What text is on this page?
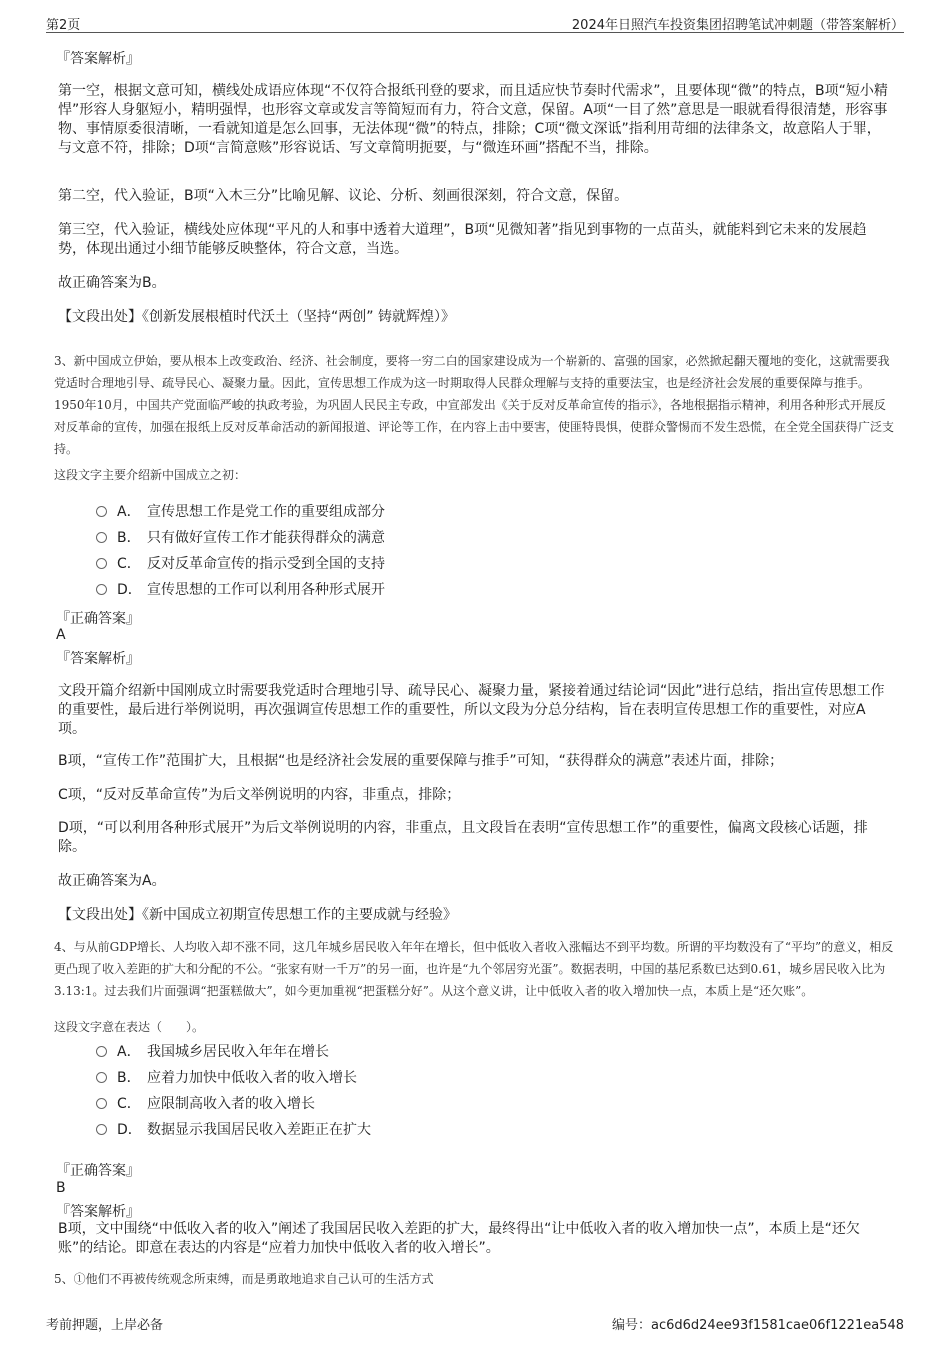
第2页	2024年日照汽车投资集团招聘笔试冲刺题（带答案解析）
『答案解析』
第一空，根据文意可知，横线处成语应体现“不仅符合报纸刊登的要求，而且适应快节奏时代需求”，且要体现“微”的特点，B项“短小精悍”形容人身躯短小，精明强悍，也形容文章或发言等简短而有力，符合文意，保留。A项“一目了然”意思是一眼就看得很清楚，形容事物、事情原委很清晰，一看就知道是怎么回事，无法体现“微”的特点，排除；C项“微文深诋”指利用苛细的法律条文，故意陷人于罪，与文意不符，排除；D项“言简意赅”形容说话、写文章简明扼要，与“微连环画”搭配不当，排除。
第二空，代入验证，B项“入木三分”比喻见解、议论、分析、刻画很深刻，符合文意，保留。
第三空，代入验证，横线处应体现“平凡的人和事中透着大道理”，B项“见微知著”指见到事物的一点苗头，就能料到它未来的发展趋势，体现出通过小细节能够反映整体，符合文意，当选。
故正确答案为B。
【文段出处】《创新发展根植时代沃土（坚持“两创” 铸就辉煌）》
3、新中国成立伊始，要从根本上改变政治、经济、社会制度，要将一穷二白的国家建设成为一个崭新的、富强的国家，必然掀起翻天覆地的变化，这就需要我党适时合理地引导、疏导民心、凝聚力量。因此，宣传思想工作成为这一时期取得人民群众理解与支持的重要法宝，也是经济社会发展的重要保障与推手。1950年10月，中国共产党面临严峻的执政考验，为巩固人民民主专政，中宣部发出《关于反对反革命宣传的指示》，各地根据指示精神，利用各种形式开展反对反革命的宣传，加强在报纸上反对反革命活动的新闻报道、评论等工作，在内容上击中要害，使匪特畏惧，使群众警惕而不发生恐慌，在全党全国获得广泛支持。
这段文字主要介绍新中国成立之初：
A． 宣传思想工作是党工作的重要组成部分
B． 只有做好宣传工作才能获得群众的满意
C． 反对反革命宣传的指示受到全国的支持
D． 宣传思想的工作可以利用各种形式展开
『正确答案』
A
『答案解析』
文段开篇介绍新中国刚成立时需要我党适时合理地引导、疏导民心、凝聚力量，紧接着通过结论词“因此”进行总结，指出宣传思想工作的重要性，最后进行举例说明，再次强调宣传思想工作的重要性，所以文段为分总分结构，旨在表明宣传思想工作的重要性，对应A项。
B项，“宣传工作”范围扩大，且根据“也是经济社会发展的重要保障与推手”可知，“获得群众的满意”表述片面，排除；
C项，“反对反革命宣传”为后文举例说明的内容，非重点，排除；
D项，“可以利用各种形式展开”为后文举例说明的内容，非重点，且文段旨在表明“宣传思想工作”的重要性，偏离文段核心话题，排除。
故正确答案为A。
【文段出处】《新中国成立初期宣传思想工作的主要成就与经验》
4、与从前GDP增长、人均收入却不涨不同，这几年城乡居民收入年年在增长，但中低收入者收入涨幅达不到平均数。所谓的平均数没有了“平均”的意义，相反更凸现了收入差距的扩大和分配的不公。“张家有财一千万”的另一面，也许是“九个邻居穷光蛋”。数据表明，中国的基尼系数已达到0.61，城乡居民收入比为3.13:1。过去我们片面强调“把蛋糕做大”，如今更加重视“把蛋糕分好”。从这个意义讲，让中低收入者的收入增加快一点，本质上是“还欠账”。
这段文字意在表达（　　）。
A． 我国城乡居民收入年年在增长
B． 应着力加快中低收入者的收入增长
C． 应限制高收入者的收入增长
D． 数据显示我国居民收入差距正在扩大
『正确答案』
B
『答案解析』
B项，文中围绕“中低收入者的收入”阐述了我国居民收入差距的扩大，最终得出“让中低收入者的收入增加快一点”，本质上是“还欠账”的结论。即意在表达的内容是“应着力加快中低收入者的收入增长”。
5、①他们不再被传统观念所束缚，而是勇敢地追求自己认可的生活方式
考前押题，上岸必备	编号：ac6d6d24ee93f1581cae06f1221ea548
